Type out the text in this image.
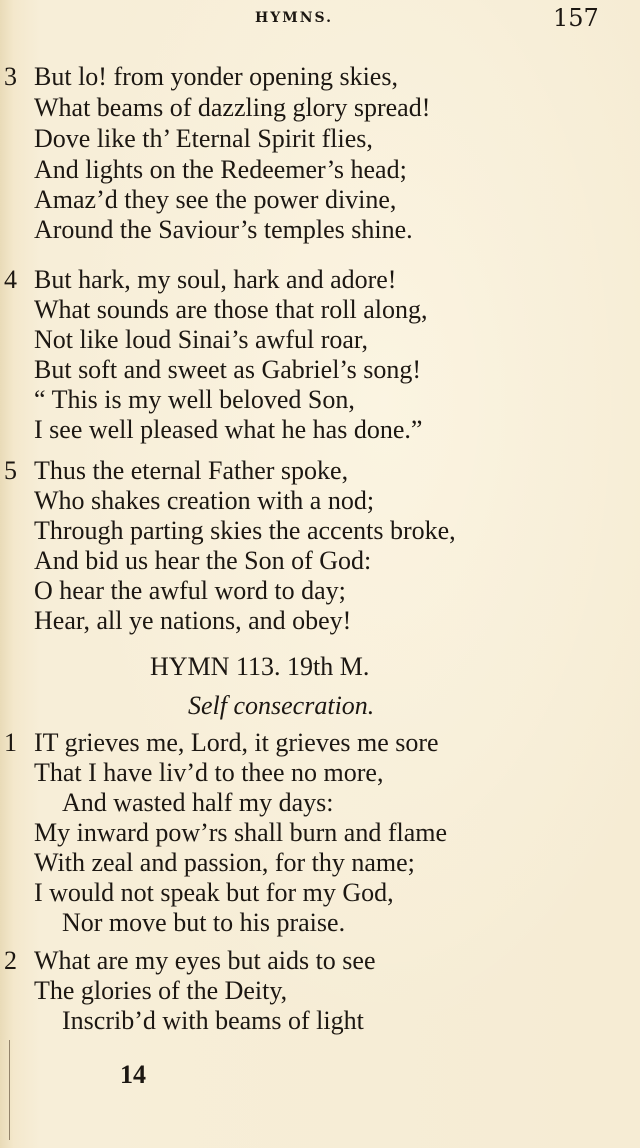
HYMNS.	157
3 But lo! from yonder opening skies,
What beams of dazzling glory spread!
Dove like th’ Eternal Spirit flies,
And lights on the Redeemer’s head;
Amaz’d they see the power divine,
Around the Saviour’s temples shine.
4 But hark, my soul, hark and adore!
What sounds are those that roll along,
Not like loud Sinai’s awful roar,
But soft and sweet as Gabriel’s song!
“ This is my well beloved Son,
I see well pleased what he has done.”
5 Thus the eternal Father spoke,
Who shakes creation with a nod;
Through parting skies the accents broke,
And bid us hear the Son of God:
O hear the awful word to day;
Hear, all ye nations, and obey!
HYMN 113. 19th M.
Self consecration.
1 IT grieves me, Lord, it grieves me sore
That I have liv’d to thee no more,
And wasted half my days:
My inward pow’rs shall burn and flame
With zeal and passion, for thy name;
I would not speak but for my God,
Nor move but to his praise.
2 What are my eyes but aids to see
The glories of the Deity,
Inscrib’d with beams of light
14
